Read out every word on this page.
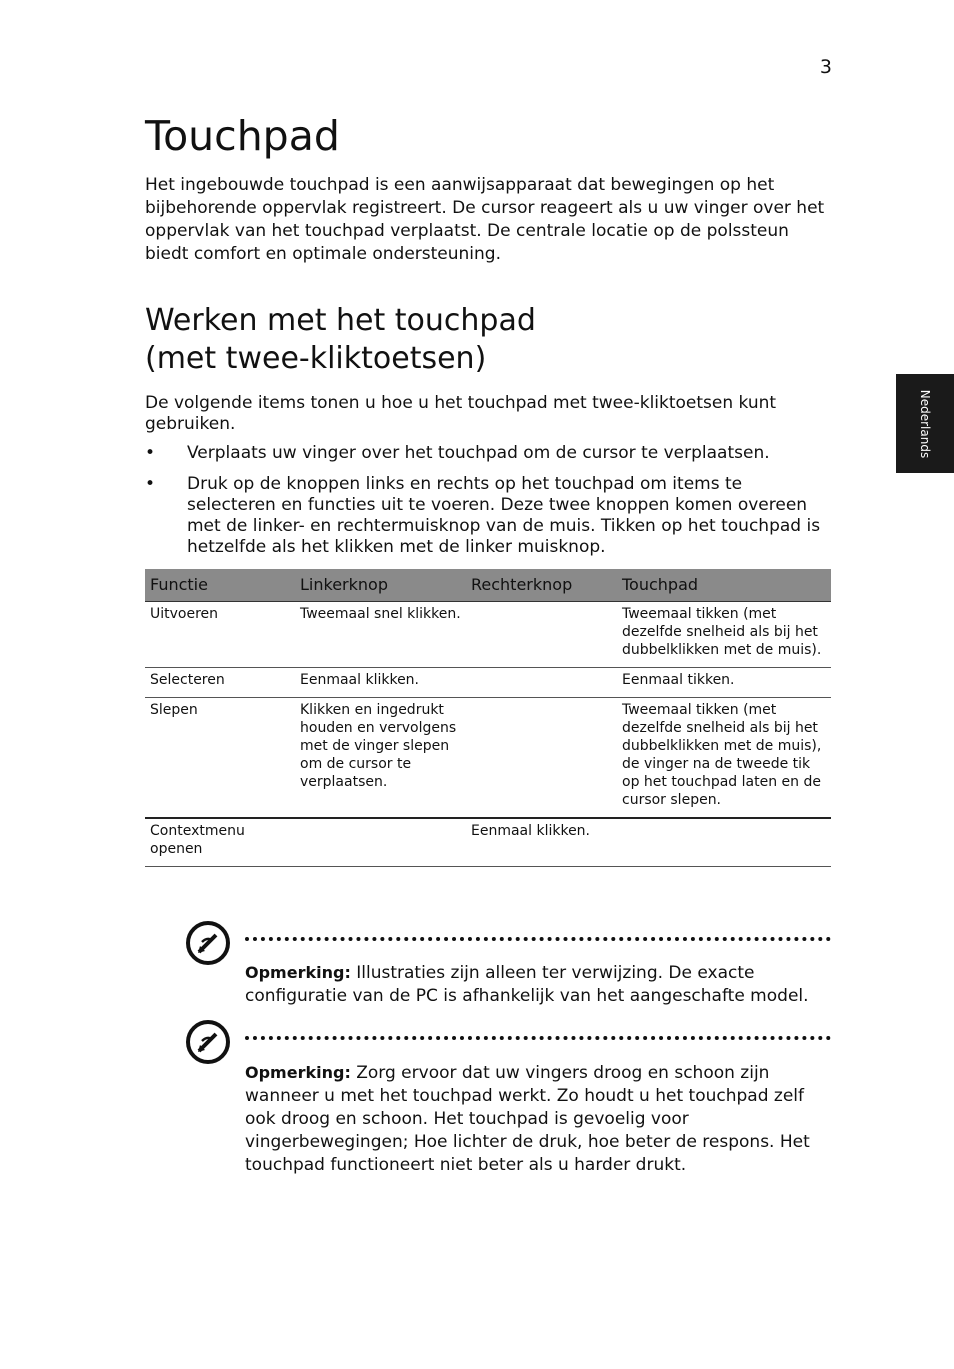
3
Touchpad

Het ingebouwde touchpad is een aanwijsapparaat dat bewegingen op het bijbehorende oppervlak registreert. De cursor reageert als u uw vinger over het oppervlak van het touchpad verplaatst. De centrale locatie op de polssteun biedt comfort en optimale ondersteuning.

Werken met het touchpad
(met twee-kliktoetsen)

De volgende items tonen u hoe u het touchpad met twee-kliktoetsen kunt gebruiken.

• Verplaats uw vinger over het touchpad om de cursor te verplaatsen.
• Druk op de knoppen links en rechts op het touchpad om items te selecteren en functies uit te voeren. Deze twee knoppen komen overeen met de linker- en rechtermuisknop van de muis. Tikken op het touchpad is hetzelfde als het klikken met de linker muisknop.
Nederlands
Functie	Linkerknop	Rechterknop	Touchpad
Uitvoeren	Tweemaal snel klikken.		Tweemaal tikken (met dezelfde snelheid als bij het dubbelklikken met de muis).
Selecteren	Eenmaal klikken.		Eenmaal tikken.
Slepen	Klikken en ingedrukt houden en vervolgens met de vinger slepen om de cursor te verplaatsen.		Tweemaal tikken (met dezelfde snelheid als bij het dubbelklikken met de muis), de vinger na de tweede tik op het touchpad laten en de cursor slepen.
Contextmenu openen		Eenmaal klikken.	

Opmerking: Illustraties zijn alleen ter verwijzing. De exacte configuratie van de PC is afhankelijk van het aangeschafte model.

Opmerking: Zorg ervoor dat uw vingers droog en schoon zijn wanneer u met het touchpad werkt. Zo houdt u het touchpad zelf ook droog en schoon. Het touchpad is gevoelig voor vingerbewegingen; Hoe lichter de druk, hoe beter de respons. Het touchpad functioneert niet beter als u harder drukt.
